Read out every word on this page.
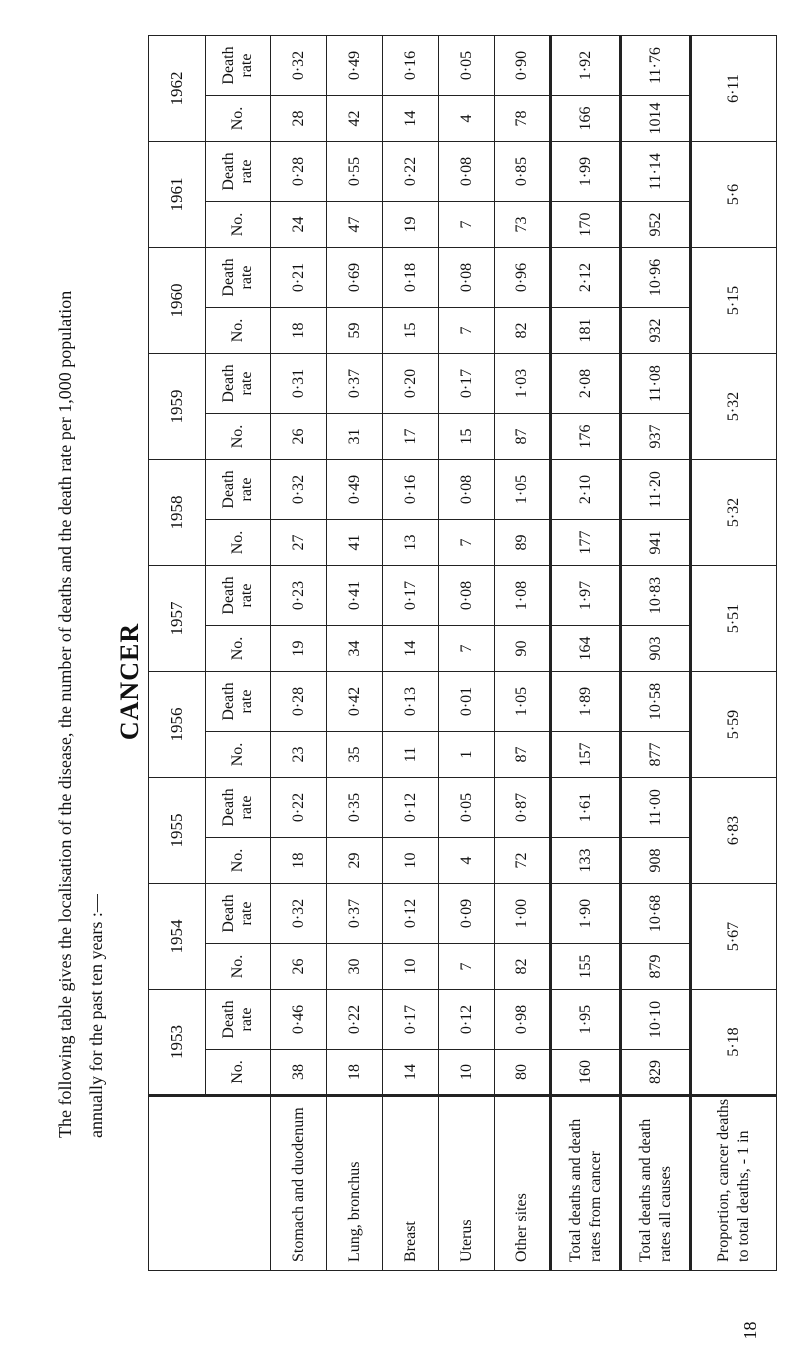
CANCER
The following table gives the localisation of the disease, the number of deaths and the death rate per 1,000 population annually for the past ten years :—
		1953		1954		1955		1956		1957		1958		1959		1960		1961		1962	
	No.	Death rate	No.	Death rate	No.	Death rate	No.	Death rate	No.	Death rate	No.	Death rate	No.	Death rate	No.	Death rate	No.	Death rate	No.	Death rate
Stomach and duodenum	38	0·46	26	0·32	18	0·22	23	0·28	19	0·23	27	0·32	26	0·31	18	0·21	24	0·28	28	0·32
Lung, bronchus	18	0·22	30	0·37	29	0·35	35	0·42	34	0·41	41	0·49	31	0·37	59	0·69	47	0·55	42	0·49
Breast	14	0·17	10	0·12	10	0·12	11	0·13	14	0·17	13	0·16	17	0·20	15	0·18	19	0·22	14	0·16
Uterus	10	0·12	7	0·09	4	0·05	1	0·01	7	0·08	7	0·08	15	0·17	7	0·08	7	0·08	4	0·05
Other sites	80	0·98	82	1·00	72	0·87	87	1·05	90	1·08	89	1·05	87	1·03	82	0·96	73	0·85	78	0·90
Total deaths and death rates from cancer	160	1·95	155	1·90	133	1·61	157	1·89	164	1·97	177	2·10	176	2·08	181	2·12	170	1·99	166	1·92
Total deaths and death rates all causes	829	10·10	879	10·68	908	11·00	877	10·58	903	10·83	941	11·20	937	11·08	932	10·96	952	11·14	1014	11·76
Proportion, cancer deaths to total deaths, - 1 in	5·18		5·67		6·83		5·59		5·51		5·32		5·32		5·15		5·6		6·11	
18
